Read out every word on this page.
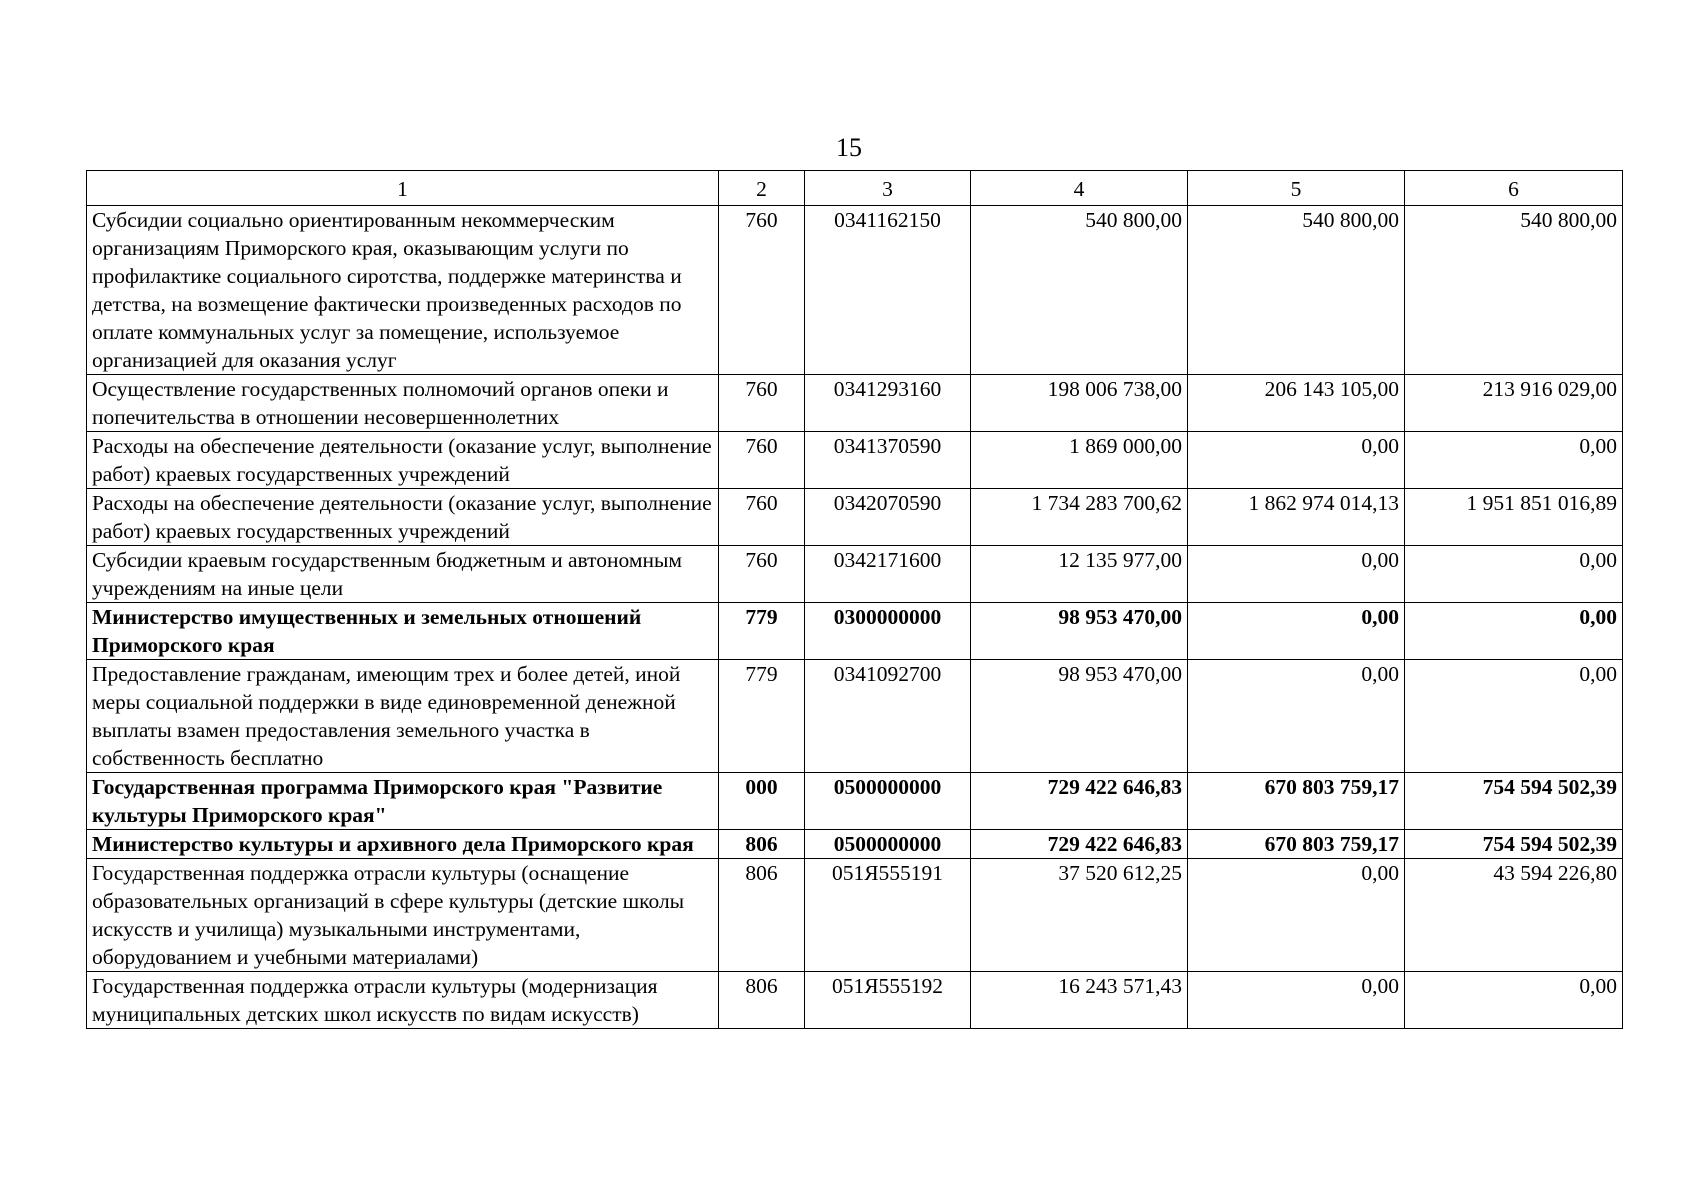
15
1	2	3	4	5	6
Субсидии социально ориентированным некоммерческим организациям Приморского края, оказывающим услуги по профилактике социального сиротства, поддержке материнства и детства, на возмещение фактически произведенных расходов по оплате коммунальных услуг за помещение, используемое организацией для оказания услуг	760	0341162150	540 800,00	540 800,00	540 800,00
Осуществление государственных полномочий органов опеки и попечительства в отношении несовершеннолетних	760	0341293160	198 006 738,00	206 143 105,00	213 916 029,00
Расходы на обеспечение деятельности (оказание услуг, выполнение работ) краевых государственных учреждений	760	0341370590	1 869 000,00	0,00	0,00
Расходы на обеспечение деятельности (оказание услуг, выполнение работ) краевых государственных учреждений	760	0342070590	1 734 283 700,62	1 862 974 014,13	1 951 851 016,89
Субсидии краевым государственным бюджетным и автономным учреждениям на иные цели	760	0342171600	12 135 977,00	0,00	0,00
Министерство имущественных и земельных отношений Приморского края	779	0300000000	98 953 470,00	0,00	0,00
Предоставление гражданам, имеющим трех и более детей, иной меры социальной поддержки в виде единовременной денежной выплаты взамен предоставления земельного участка в собственность бесплатно	779	0341092700	98 953 470,00	0,00	0,00
Государственная программа Приморского края "Развитие культуры Приморского края"	000	0500000000	729 422 646,83	670 803 759,17	754 594 502,39
Министерство культуры и архивного дела Приморского края	806	0500000000	729 422 646,83	670 803 759,17	754 594 502,39
Государственная поддержка отрасли культуры (оснащение образовательных организаций в сфере культуры (детские школы искусств и училища) музыкальными инструментами, оборудованием и учебными материалами)	806	051Я555191	37 520 612,25	0,00	43 594 226,80
Государственная поддержка отрасли культуры (модернизация муниципальных детских школ искусств по видам искусств)	806	051Я555192	16 243 571,43	0,00	0,00
